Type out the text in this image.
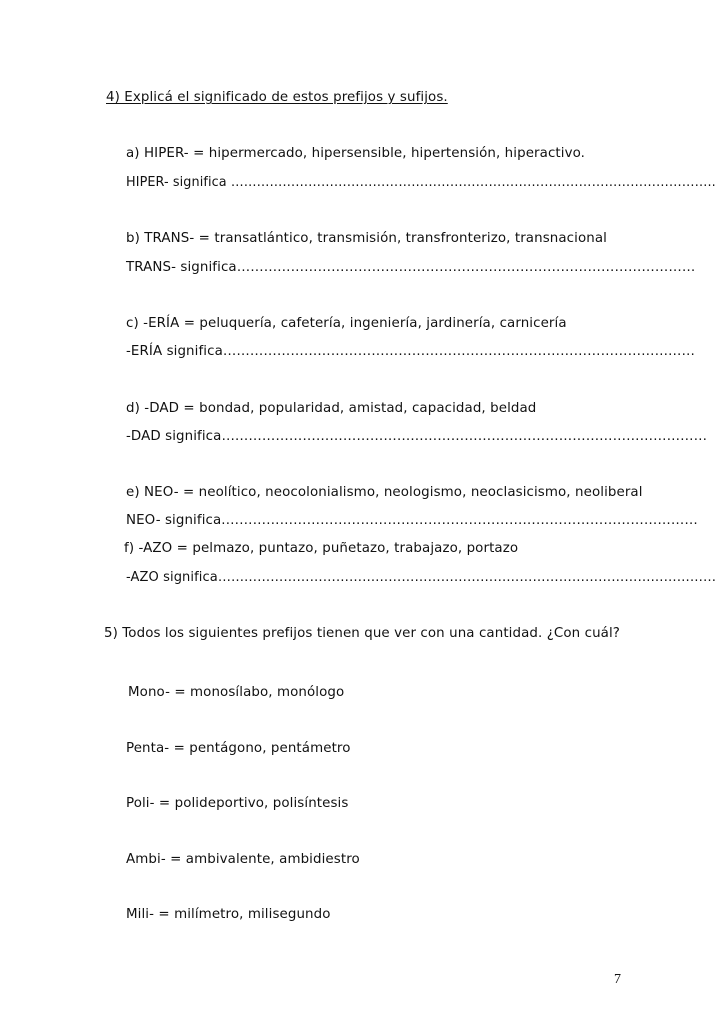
4) Explicá el significado de estos prefijos y sufijos.
a) HIPER- = hipermercado, hipersensible, hipertensión, hiperactivo.
HIPER- significa …………………………………………………………………………………………………..
b) TRANS- = transatlántico, transmisión, transfronterizo, transnacional
TRANS- significa…………………………………………………………………………………………
c) -ERÍA = peluquería, cafetería, ingeniería, jardinería, carnicería
-ERÍA significa……………………………………………………………………………………………
d) -DAD = bondad, popularidad, amistad, capacidad, beldad
-DAD significa………………………………………………………………………………………………
e) NEO- = neolítico, neocolonialismo, neologismo, neoclasicismo, neoliberal
NEO- significa.……………………………………………………………………………………………
f) -AZO = pelmazo, puntazo, puñetazo, trabajazo, portazo
-AZO significa……………………………………………………………………………………………………
5) Todos los siguientes prefijos tienen que ver con una cantidad. ¿Con cuál?
Mono- = monosílabo, monólogo
Penta- = pentágono, pentámetro
Poli- = polideportivo, polisíntesis
Ambi- = ambivalente, ambidiestro
Mili- = milímetro, milisegundo
7
